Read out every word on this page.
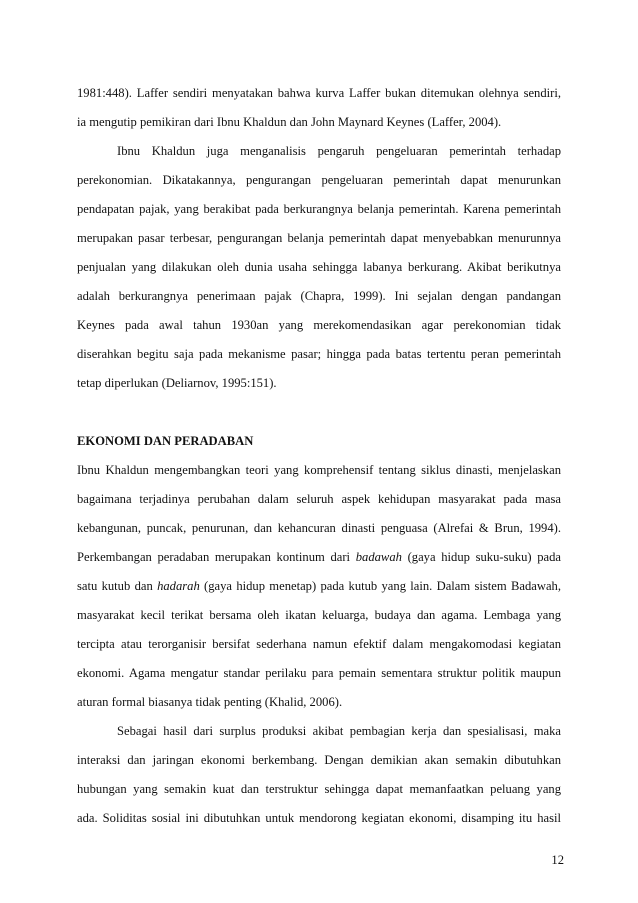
1981:448). Laffer sendiri menyatakan bahwa kurva Laffer bukan ditemukan olehnya sendiri,
ia mengutip pemikiran dari Ibnu Khaldun dan John Maynard Keynes (Laffer, 2004).
Ibnu Khaldun juga menganalisis pengaruh pengeluaran pemerintah terhadap
perekonomian. Dikatakannya, pengurangan pengeluaran pemerintah dapat menurunkan
pendapatan pajak, yang berakibat pada berkurangnya belanja pemerintah. Karena pemerintah
merupakan pasar terbesar, pengurangan belanja pemerintah dapat menyebabkan menurunnya
penjualan yang dilakukan oleh dunia usaha sehingga labanya berkurang. Akibat berikutnya
adalah berkurangnya penerimaan pajak (Chapra, 1999). Ini sejalan dengan pandangan
Keynes pada awal tahun 1930an yang merekomendasikan agar perekonomian tidak
diserahkan begitu saja pada mekanisme pasar; hingga pada batas tertentu peran pemerintah
tetap diperlukan (Deliarnov, 1995:151).
EKONOMI DAN PERADABAN
Ibnu Khaldun mengembangkan teori yang komprehensif tentang siklus dinasti, menjelaskan
bagaimana terjadinya perubahan dalam seluruh aspek kehidupan masyarakat pada masa
kebangunan, puncak, penurunan, dan kehancuran dinasti penguasa (Alrefai & Brun, 1994).
Perkembangan peradaban merupakan kontinum dari badawah (gaya hidup suku-suku) pada
satu kutub dan hadarah (gaya hidup menetap) pada kutub yang lain. Dalam sistem Badawah,
masyarakat kecil terikat bersama oleh ikatan keluarga, budaya dan agama. Lembaga yang
tercipta atau terorganisir bersifat sederhana namun efektif dalam mengakomodasi kegiatan
ekonomi. Agama mengatur standar perilaku para pemain sementara struktur politik maupun
aturan formal biasanya tidak penting (Khalid, 2006).
Sebagai hasil dari surplus produksi akibat pembagian kerja dan spesialisasi, maka
interaksi dan jaringan ekonomi berkembang. Dengan demikian akan semakin dibutuhkan
hubungan yang semakin kuat dan terstruktur sehingga dapat memanfaatkan peluang yang
ada. Soliditas sosial ini dibutuhkan untuk mendorong kegiatan ekonomi, disamping itu hasil
12
